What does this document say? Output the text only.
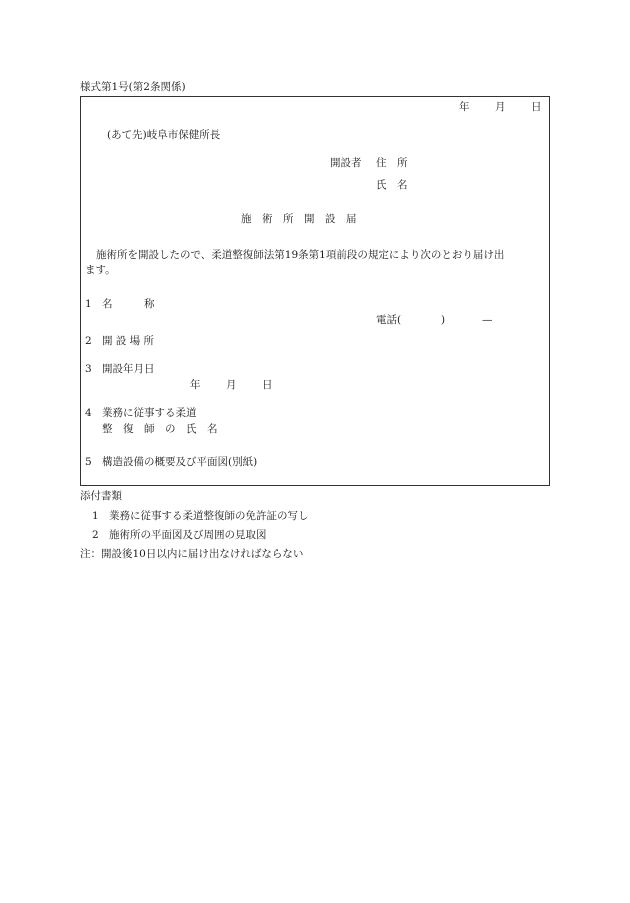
様式第1号(第2条関係)
年 月 日
(あて先)岐阜市保健所長
開設者 住　所
氏　名
施　術　所　開　設　届
施術所を開設したので、柔道整復師法第19条第1項前段の規定により次のとおり届け出
ます。
1 名　　　称
電話(	)	—
2 開 設 場 所
3 開設年月日
年 月 日
4 業務に従事する柔道
整　復　師　の　氏　名
5 構造設備の概要及び平面図(別紙)
添付書類
1 業務に従事する柔道整復師の免許証の写し
2 施術所の平面図及び周囲の見取図
注：開設後10日以内に届け出なければならない
